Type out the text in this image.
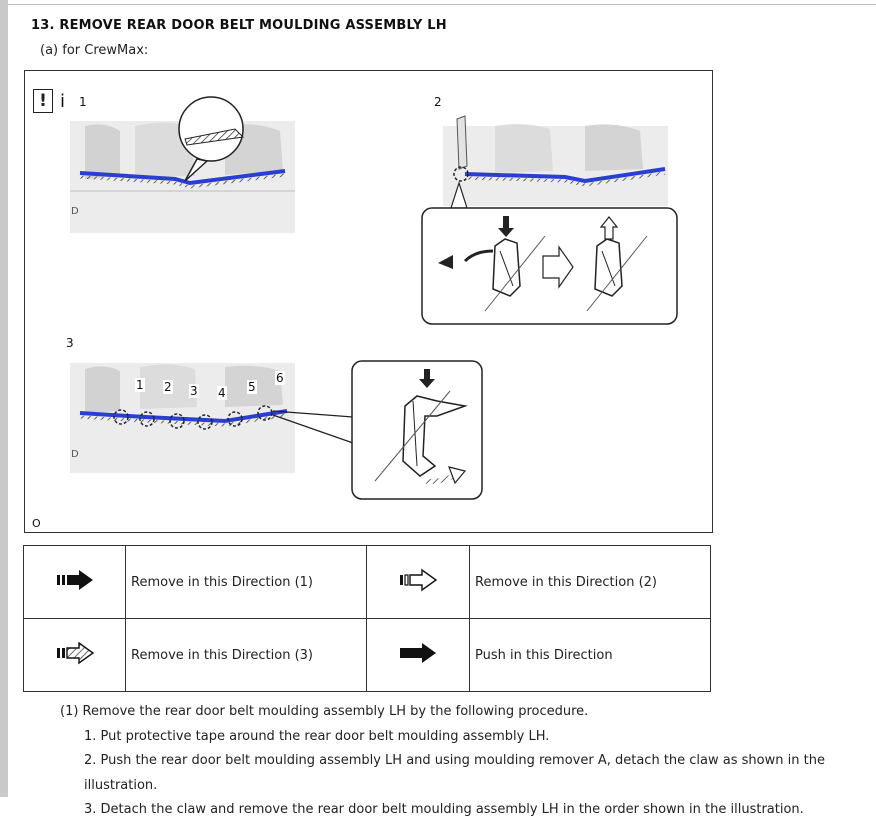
13. REMOVE REAR DOOR BELT MOULDING ASSEMBLY LH
(a) for CrewMax:
! i 1	2
3
D
D
1 2 3 4 5
6
O
	Remove in this Direction (1)		Remove in this Direction (2)
	Remove in this Direction (3)		Push in this Direction
(1) Remove the rear door belt moulding assembly LH by the following procedure.
1. Put protective tape around the rear door belt moulding assembly LH.
2. Push the rear door belt moulding assembly LH and using moulding remover A, detach the claw as shown in the illustration.
3. Detach the claw and remove the rear door belt moulding assembly LH in the order shown in the illustration.
